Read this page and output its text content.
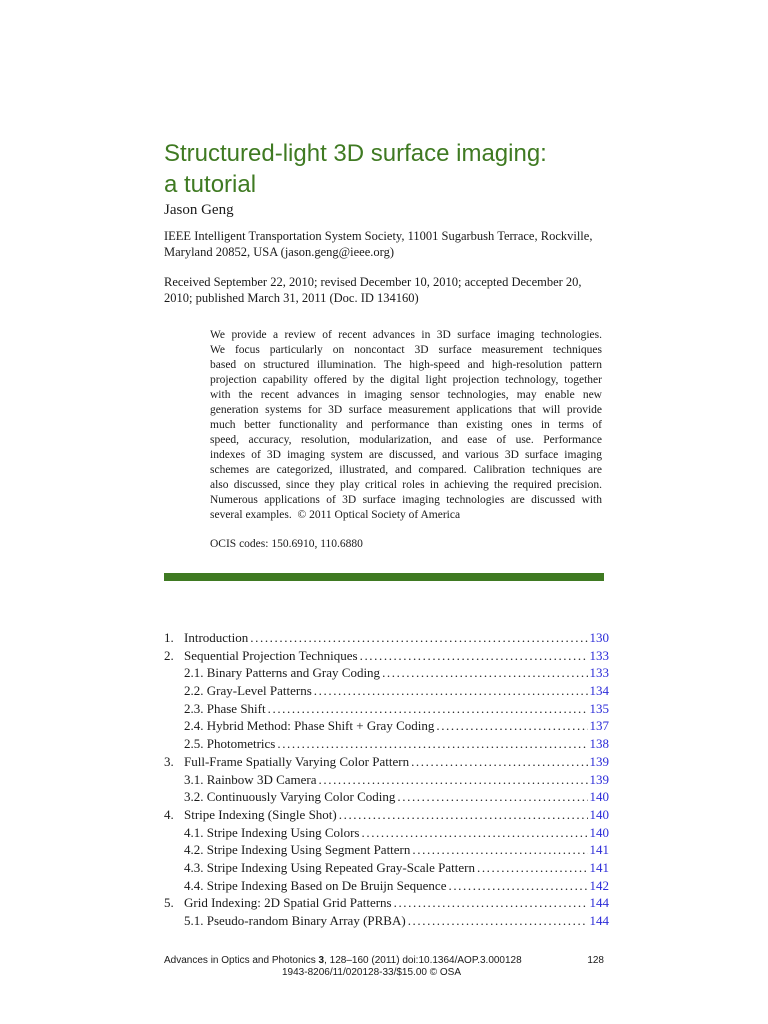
Structured-light 3D surface imaging:
a tutorial
Jason Geng
IEEE Intelligent Transportation System Society, 11001 Sugarbush Terrace, Rockville,
Maryland 20852, USA (jason.geng@ieee.org)
Received September 22, 2010; revised December 10, 2010; accepted December 20,
2010; published March 31, 2011 (Doc. ID 134160)
We provide a review of recent advances in 3D surface imaging technologies.
We focus particularly on noncontact 3D surface measurement techniques
based on structured illumination. The high-speed and high-resolution pattern
projection capability offered by the digital light projection technology, together
with the recent advances in imaging sensor technologies, may enable new
generation systems for 3D surface measurement applications that will provide
much better functionality and performance than existing ones in terms of
speed, accuracy, resolution, modularization, and ease of use. Performance
indexes of 3D imaging system are discussed, and various 3D surface imaging
schemes are categorized, illustrated, and compared. Calibration techniques are
also discussed, since they play critical roles in achieving the required precision.
Numerous applications of 3D surface imaging technologies are discussed with
several examples. © 2011 Optical Society of America
OCIS codes: 150.6910, 110.6880
1. Introduction .....	130
2. Sequential Projection Techniques .....	133
2.1. Binary Patterns and Gray Coding .....	133
2.2. Gray-Level Patterns .....	134
2.3. Phase Shift .....	135
2.4. Hybrid Method: Phase Shift + Gray Coding .....	137
2.5. Photometrics .....	138
3. Full-Frame Spatially Varying Color Pattern .....	139
3.1. Rainbow 3D Camera .....	139
3.2. Continuously Varying Color Coding .....	140
4. Stripe Indexing (Single Shot) .....	140
4.1. Stripe Indexing Using Colors .....	140
4.2. Stripe Indexing Using Segment Pattern .....	141
4.3. Stripe Indexing Using Repeated Gray-Scale Pattern .....	141
4.4. Stripe Indexing Based on De Bruijn Sequence .....	142
5. Grid Indexing: 2D Spatial Grid Patterns .....	144
5.1. Pseudo-random Binary Array (PRBA) .....	144
Advances in Optics and Photonics 3, 128–160 (2011) doi:10.1364/AOP.3.000128	128
1943-8206/11/020128-33/$15.00 © OSA
